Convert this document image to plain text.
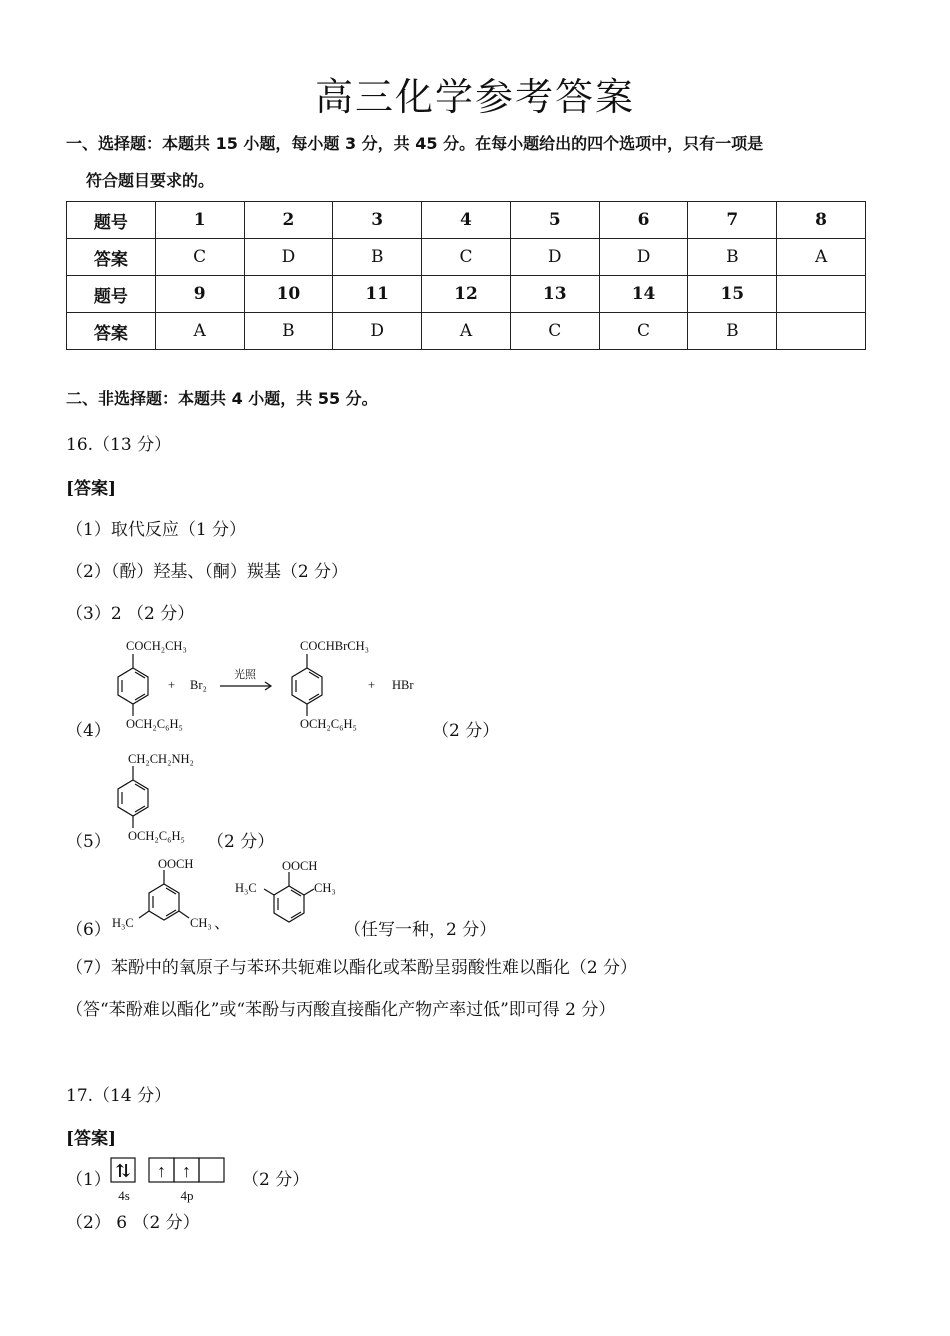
高三化学参考答案
一、选择题：本题共 15 小题，每小题 3 分，共 45 分。在每小题给出的四个选项中，只有一项是
符合题目要求的。
题号	1	2	3	4	5	6	7	8
答案	C	D	B	C	D	D	B	A
题号	9	10	11	12	13	14	15	
答案	A	B	D	A	C	C	B	
二、非选择题：本题共 4 小题，共 55 分。
16.（13 分）
[答案]
（1）取代反应（1 分）
（2）（酚）羟基、（酮）羰基（2 分）
（3）2 （2 分）
（4）
COCH₂CH₃
OCH₂C₆H₅
+ Br₂
光照
COCHBrCH₃
OCH₂C₆H₅
+ HBr
（2 分）
（5）
CH₂CH₂NH₂
OCH₂C₆H₅ （2 分）
（6）
OOCH
H₃C	CH₃ 、
OOCH
H₃C	CH₃
（任写一种，2 分）
（7）苯酚中的氧原子与苯环共轭难以酯化或苯酚呈弱酸性难以酯化（2 分）
（答“苯酚难以酯化”或“苯酚与丙酸直接酯化产物产率过低”即可得 2 分）
17.（14 分）
[答案]
（1） ⇅ ↑ ↑
4s	4p
（2 分）
（2） 6 （2 分）
